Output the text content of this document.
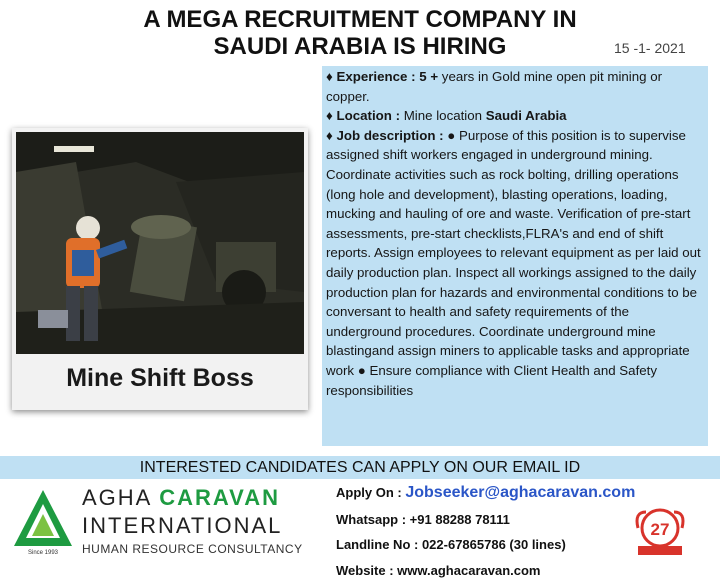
A MEGA RECRUITMENT COMPANY IN
SAUDI ARABIA IS HIRING	15 -1- 2021
Mine Shift Boss

♦ Experience : 5 + years in Gold mine open pit mining or copper.

♦ Location : Mine location Saudi Arabia

♦ Job description : ● Purpose of this position is to supervise assigned shift workers engaged in underground mining. Coordinate activities such as rock bolting, drilling operations (long hole and development), blasting operations, loading, mucking and hauling of ore and waste. Verification of pre-start assessments, pre-start checklists,FLRA's and end of shift reports. Assign employees to relevant equipment as per laid out daily production plan. Inspect all workings assigned to the daily production plan for hazards and environmental conditions to be conversant to health and safety requirements of the underground procedures. Coordinate underground mine blastingand assign miners to applicable tasks and appropriate work ● Ensure compliance with Client Health and Safety responsibilities

INTERESTED CANDIDATES CAN APPLY ON OUR EMAIL ID
Since 1993
AGHA CARAVAN
INTERNATIONAL
HUMAN RESOURCE CONSULTANCY
Apply On : Jobseeker@aghacaravan.com
Whatsapp : +91 88288 78111
Landline No : 022-67865786 (30 lines)
Website : www.aghacaravan.com
27
